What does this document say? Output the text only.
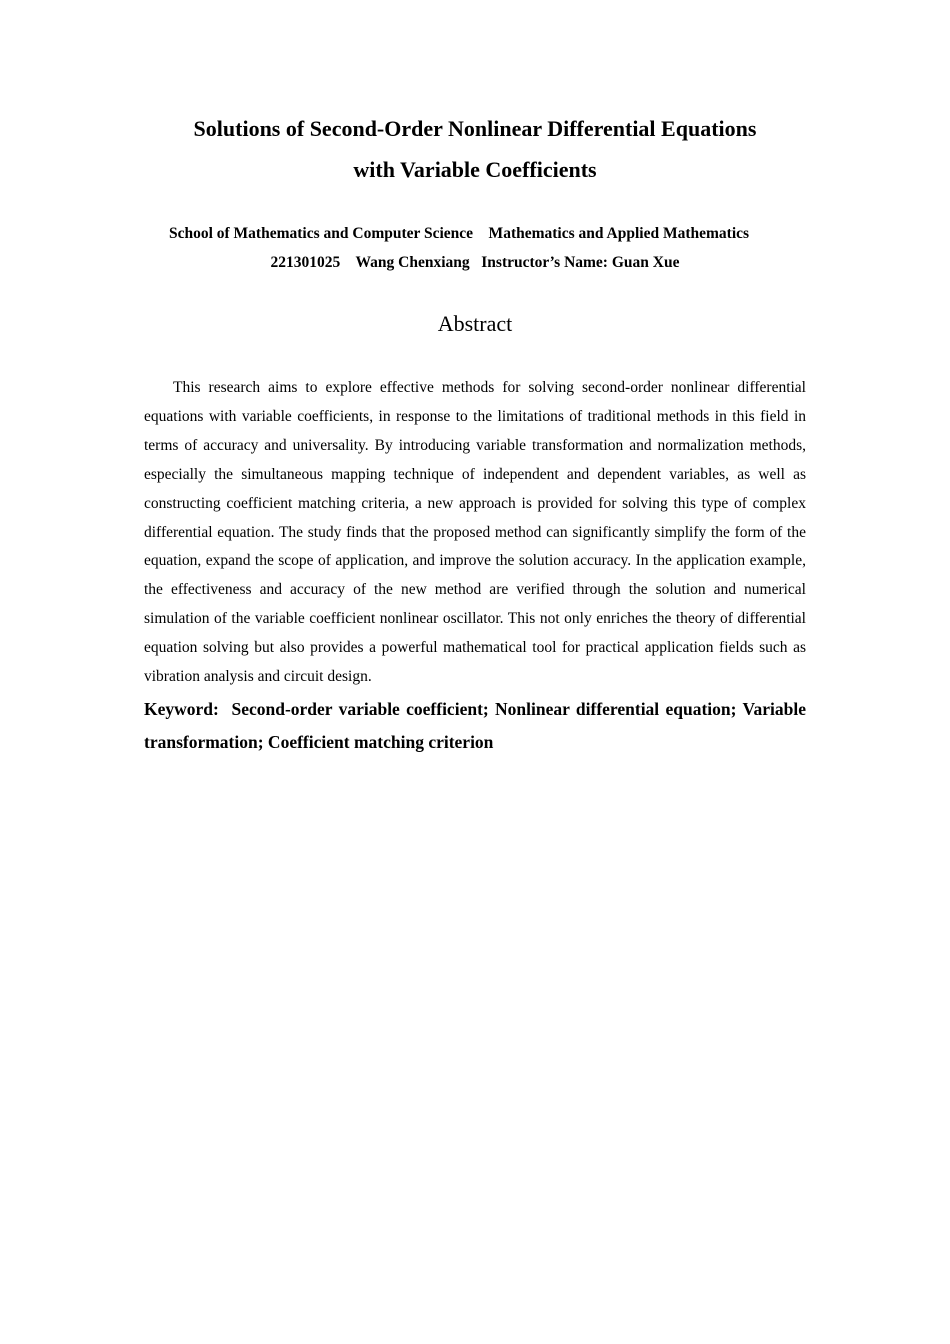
Solutions of Second-Order Nonlinear Differential Equations
with Variable Coefficients
School of Mathematics and Computer Science    Mathematics and Applied Mathematics
221301025    Wang Chenxiang   Instructor’s Name: Guan Xue
Abstract

This research aims to explore effective methods for solving second-order nonlinear differential equations with variable coefficients, in response to the limitations of traditional methods in this field in terms of accuracy and universality. By introducing variable transformation and normalization methods, especially the simultaneous mapping technique of independent and dependent variables, as well as constructing coefficient matching criteria, a new approach is provided for solving this type of complex differential equation. The study finds that the proposed method can significantly simplify the form of the equation, expand the scope of application, and improve the solution accuracy. In the application example, the effectiveness and accuracy of the new method are verified through the solution and numerical simulation of the variable coefficient nonlinear oscillator. This not only enriches the theory of differential equation solving but also provides a powerful mathematical tool for practical application fields such as vibration analysis and circuit design.

Keyword:  Second-order variable coefficient; Nonlinear differential equation; Variable transformation; Coefficient matching criterion
